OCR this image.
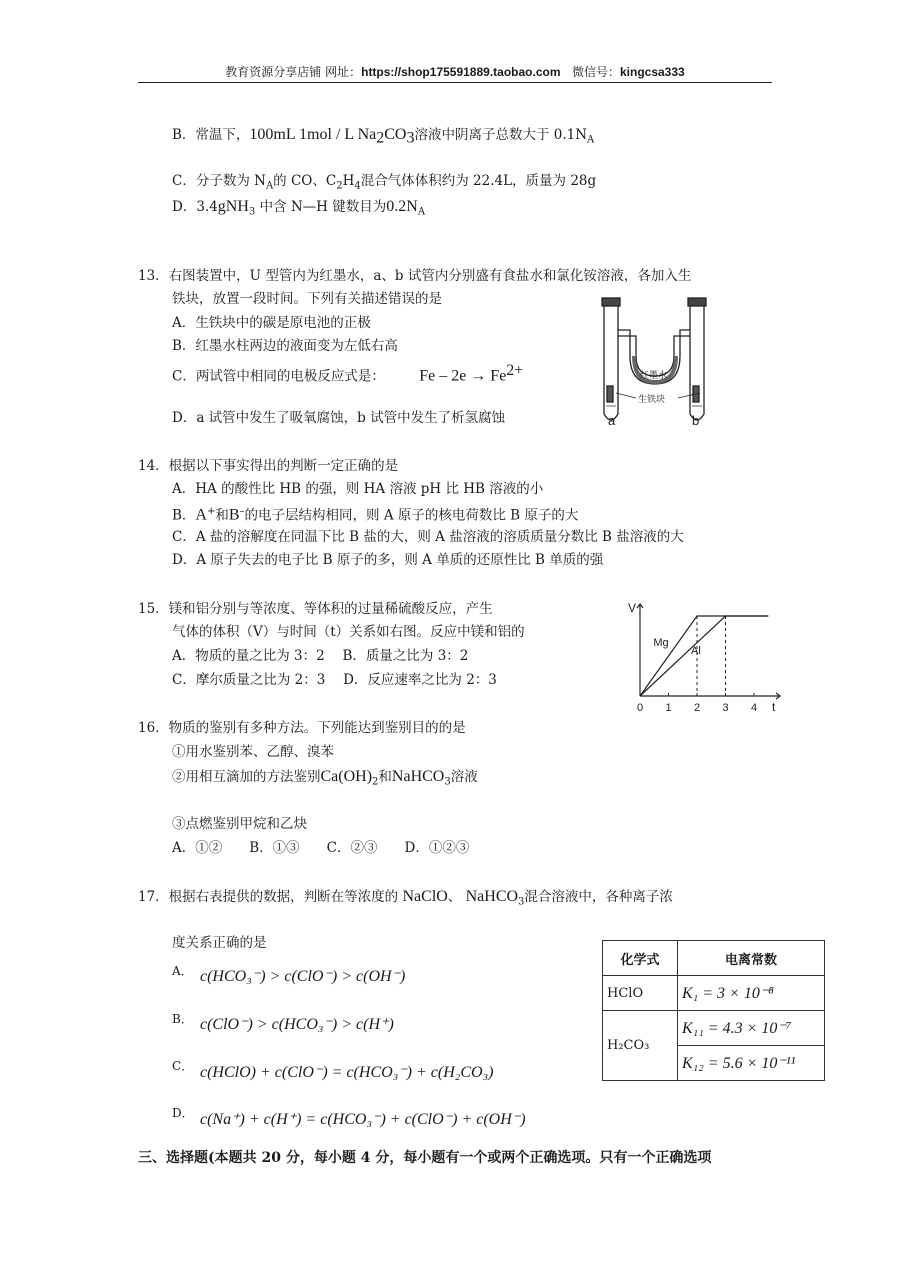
教育资源分享店铺 网址：https://shop175591889.taobao.com 微信号：kingcsa333
B．常温下，100mL 1mol / L $Na_2CO_3$溶液中阴离子总数大于 $0.1N_A$
C．分子数为 $N_A$的 CO、$C_2H_4$混合气体体积约为 22.4L，质量为 28g
D．3.4gNH$_3$ 中含 N—H 键数目为$0.2N_A$
13．右图装置中，U 型管内为红墨水，a、b 试管内分别盛有食盐水和氯化铵溶液，各加入生
铁块，放置一段时间。下列有关描述错误的是
A．生铁块中的碳是原电池的正极
B．红墨水柱两边的液面变为左低右高
C．两试管中相同的电极反应式是： $Fe - 2e \to Fe^{2+}$
D．a 试管中发生了吸氧腐蚀，b 试管中发生了析氢腐蚀
红墨水
生铁块
a	b
14．根据以下事实得出的判断一定正确的是
A．HA 的酸性比 HB 的强，则 HA 溶液 pH 比 HB 溶液的小
B．A+和B–的电子层结构相同，则 A 原子的核电荷数比 B 原子的大
C．A 盐的溶解度在同温下比 B 盐的大，则 A 盐溶液的溶质质量分数比 B 盐溶液的大
D．A 原子失去的电子比 B 原子的多，则 A 单质的还原性比 B 单质的强
15．镁和铝分别与等浓度、等体积的过量稀硫酸反应，产生
气体的体积（V）与时间（t）关系如右图。反应中镁和铝的
A．物质的量之比为 3：2　 B．质量之比为 3：2
C．摩尔质量之比为 2：3　 D．反应速率之比为 2：3
Mg
Al
0 1 2 3 4
V
t
16．物质的鉴别有多种方法。下列能达到鉴别目的的是
①用水鉴别苯、乙醇、溴苯
②用相互滴加的方法鉴别$Ca(OH)_2$和NaHCO$_3$溶液
③点燃鉴别甲烷和乙炔
A．①②　　B．①③　　C．②③　　D．①②③
17．根据右表提供的数据，判断在等浓度的 NaClO、 NaHCO$_3$混合溶液中，各种离子浓
度关系正确的是
A． c(HCO₃⁻) > c(ClO⁻) > c(OH⁻)
B． c(ClO⁻) > c(HCO₃⁻) > c(H⁺)
C． c(HClO) + c(ClO⁻) = c(HCO₃⁻) + c(H₂CO₃)
D． c(Na⁺) + c(H⁺) = c(HCO₃⁻) + c(ClO⁻) + c(OH⁻)
化学式	电离常数
HClO	K₁ = 3 × 10⁻⁸
H₂CO₃	K₁₁ = 4.3 × 10⁻⁷
	K₁₂ = 5.6 × 10⁻¹¹
三、选择题(本题共 20 分，每小题 4 分，每小题有一个或两个正确选项。只有一个正确选项
